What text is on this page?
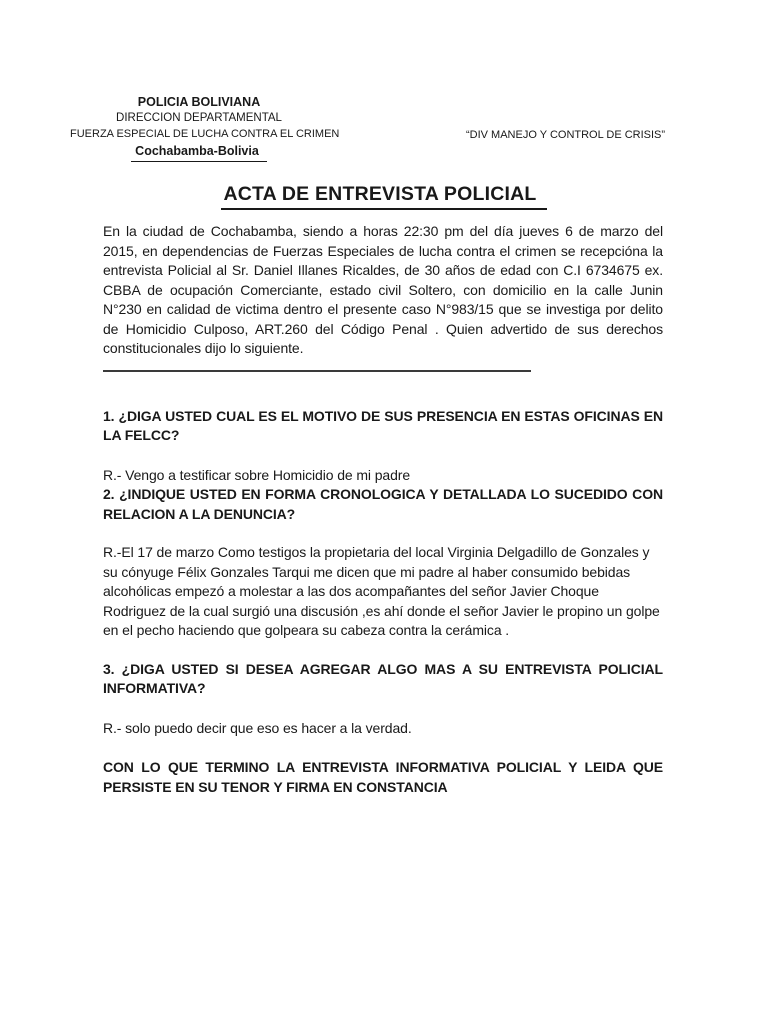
POLICIA BOLIVIANA
DIRECCION DEPARTAMENTAL
FUERZA ESPECIAL DE LUCHA CONTRA EL CRIMEN
Cochabamba-Bolivia
“DIV MANEJO Y CONTROL DE CRISIS”
ACTA DE ENTREVISTA POLICIAL

En la ciudad de Cochabamba, siendo a horas 22:30 pm del día jueves 6 de marzo del 2015, en dependencias de Fuerzas Especiales de lucha contra el crimen se recepcióna la entrevista Policial al Sr. Daniel Illanes Ricaldes, de 30 años de edad con C.I 6734675 ex. CBBA de ocupación Comerciante, estado civil Soltero, con domicilio en la calle Junin N°230 en calidad de victima dentro el presente caso N°983/15 que se investiga por delito de Homicidio Culposo, ART.260 del Código Penal . Quien advertido de sus derechos constitucionales dijo lo siguiente.

1. ¿DIGA USTED CUAL ES EL MOTIVO DE SUS PRESENCIA EN ESTAS OFICINAS EN LA FELCC?

R.- Vengo a testificar sobre Homicidio de mi padre

2. ¿INDIQUE USTED EN FORMA CRONOLOGICA Y DETALLADA LO SUCEDIDO CON RELACION A LA DENUNCIA?

R.-El 17 de marzo Como testigos la propietaria del local Virginia Delgadillo de Gonzales y su cónyuge Félix Gonzales Tarqui me dicen que mi padre al haber consumido bebidas alcohólicas empezó a molestar a las dos acompañantes del señor Javier Choque Rodriguez de la cual surgió una discusión ,es ahí donde el señor Javier le propino un golpe en el pecho haciendo que golpeara su cabeza contra la cerámica .

3. ¿DIGA USTED SI DESEA AGREGAR ALGO MAS A SU ENTREVISTA POLICIAL INFORMATIVA?

R.- solo puedo decir que eso es hacer a la verdad.

CON LO QUE TERMINO LA ENTREVISTA INFORMATIVA POLICIAL Y LEIDA QUE PERSISTE EN SU TENOR Y FIRMA EN CONSTANCIA
